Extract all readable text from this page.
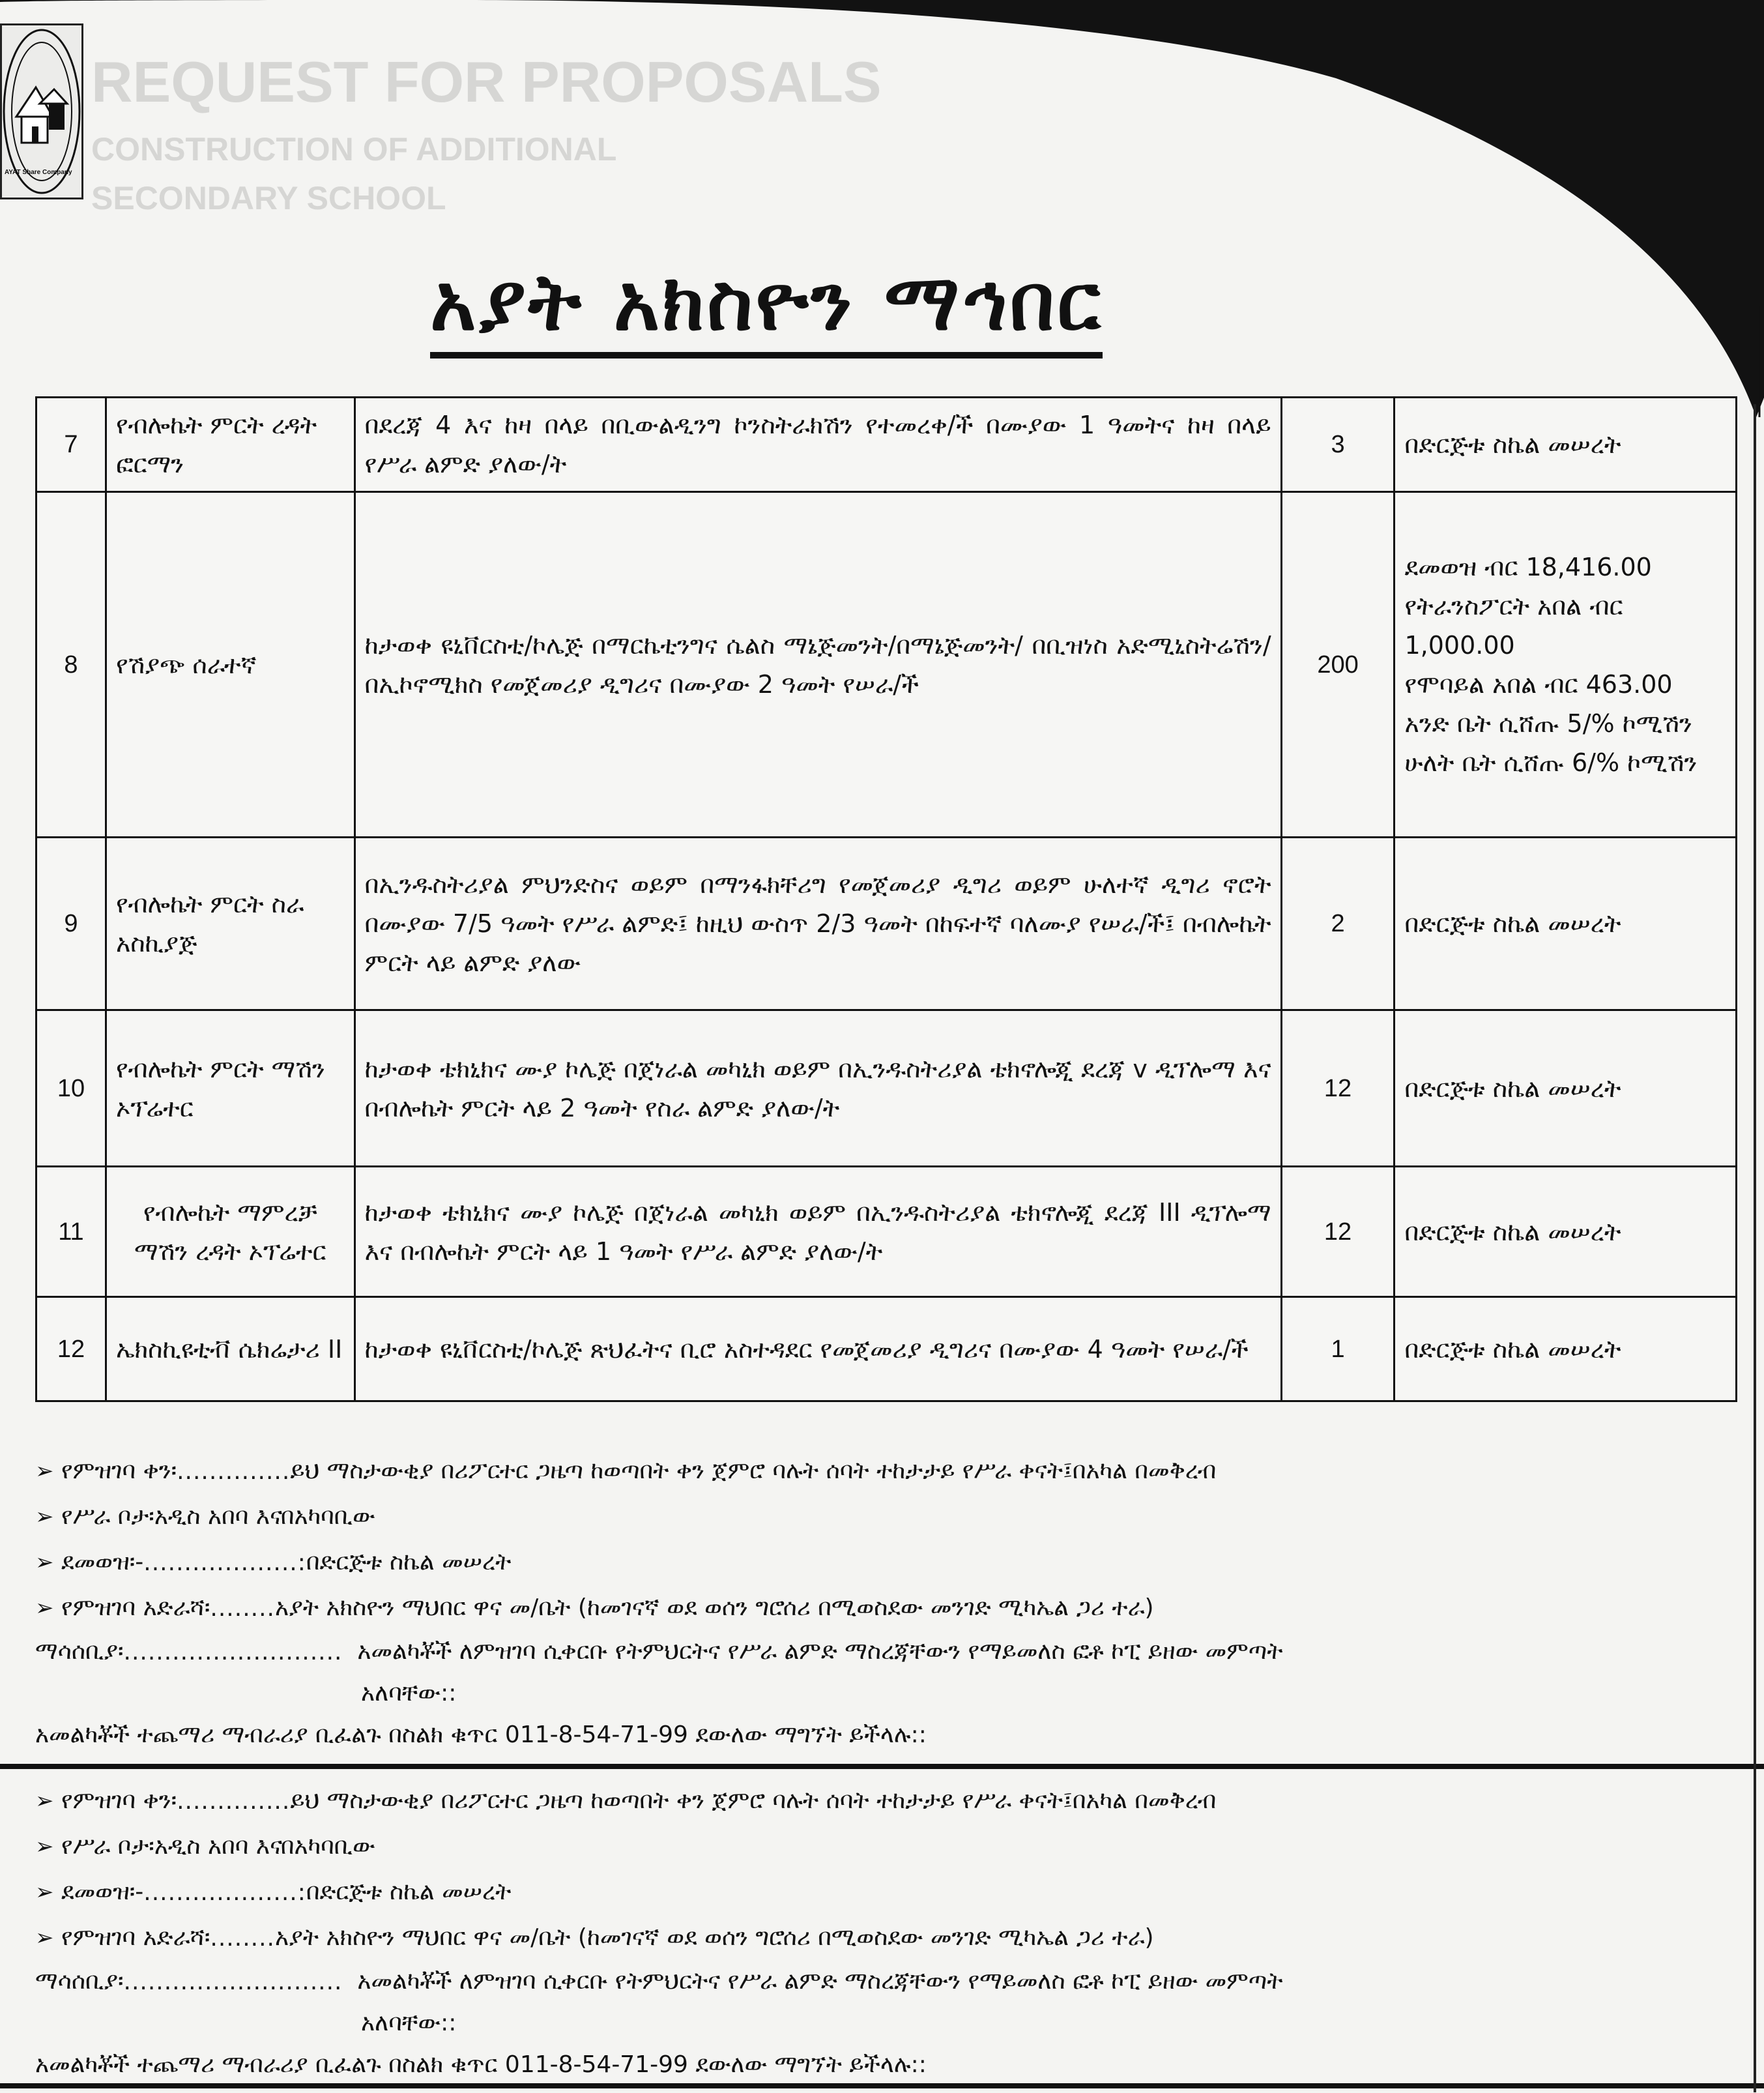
REQUEST FOR PROPOSALS
CONSTRUCTION OF ADDITIONAL
SECONDARY SCHOOL
AYAT Share Company
አያት አክስዮን ማኅበር
7	የብሎኬት ምርት ረዳት ፎርማን	በደረጃ 4 እና ከዛ በላይ በቢውልዲንግ ኮንስትራክሽን የተመረቀ/ች በሙያው 1 ዓመትና ከዛ በላይ የሥራ ልምድ ያለው/ት	3	በድርጅቱ ስኬል መሠረት

8	የሽያጭ ሰራተኛ	ከታወቀ ዩኒቨርስቲ/ኮሌጅ በማርኬቲንግና ሴልስ ማኔጅመንት/በማኔጅመንት/ በቢዝነስ አድሚኒስትሬሽን/ በኢኮኖሚክስ የመጀመሪያ ዲግሪና በሙያው 2 ዓመት የሠራ/ች	200	ደመወዝ ብር 18,416.00
የትራንስፖርት አበል ብር 1,000.00
የሞባይል አበል ብር 463.00
አንድ ቤት ሲሸጡ 5/% ኮሚሽን
ሁለት ቤት ሲሸጡ 6/% ኮሚሽን

9	የብሎኬት ምርት ስራ አስኪያጅ	በኢንዱስትሪያል ምህንድስና ወይም በማንፋክቸሪግ የመጀመሪያ ዲግሪ ወይም ሁለተኛ ዲግሪ ኖሮት በሙያው 7/5 ዓመት የሥራ ልምድ፤ ከዚህ ውስጥ 2/3 ዓመት በከፍተኛ ባለሙያ የሠራ/ች፤ በብሎኬት ምርት ላይ ልምድ ያለው	2	በድርጅቱ ስኬል መሠረት

10	የብሎኬት ምርት ማሽን ኦፕሬተር	ከታወቀ ቴክኒክና ሙያ ኮሌጅ በጀነራል መካኒክ ወይም በኢንዱስትሪያል ቴክኖሎጂ ደረጃ v ዲፕሎማ እና በብሎኬት ምርት ላይ 2 ዓመት የስራ ልምድ ያለው/ት	12	በድርጅቱ ስኬል መሠረት

11	የብሎኬት ማምረቻ ማሽን ረዳት ኦፕሬተር	ከታወቀ ቴክኒክና ሙያ ኮሌጅ በጀነራል መካኒክ ወይም በኢንዱስትሪያል ቴክኖሎጂ ደረጃ III ዲፕሎማ እና በብሎኬት ምርት ላይ 1 ዓመት የሥራ ልምድ ያለው/ት	12	በድርጅቱ ስኬል መሠረት

12	ኤክስኪዩቲቭ ሴክሬታሪ II	ከታወቀ ዩኒቨርስቲ/ኮሌጅ ጽህፈትና ቢሮ አስተዳደር የመጀመሪያ ዲግሪና በሙያው 4 ዓመት የሠራ/ች	1	በድርጅቱ ስኬል መሠረት
➢ የምዝገባ ቀን፡ .............. ይህ ማስታውቂያ በሪፖርተር ጋዜጣ ከወጣበት ቀን ጀምሮ ባሉት ሰባት ተከታታይ የሥራ ቀናት፤በአካል በመቅረብ
➢ የሥራ ቦታ፡ አዲስ አበባ እናበአካባቢው
➢ ደመወዝ፡- ...................: በድርጅቱ ስኬል መሠረት
➢ የምዝገባ አድራሻ፡ ........ አያት አክስዮን ማህበር ዋና መ/ቤት (ከመገናኛ ወደ ወሰን ግሮሰሪ በሚወስደው መንገድ ሚካኤል ጋሪ ተራ)
ማሳሰቢያ፡ ...........................
አመልካቾች ለምዝገባ ሲቀርቡ የትምህርትና የሥራ ልምድ ማስረጃቸውን የማይመለስ ፎቶ ኮፒ ይዘው መምጣት
አለባቸው::
አመልካቾች ተጨማሪ ማብራሪያ ቢፈልጉ በስልክ ቁጥር 011-8-54-71-99 ደውለው ማግኘት ይችላሉ::
➢ የምዝገባ ቀን፡ .............. ይህ ማስታውቂያ በሪፖርተር ጋዜጣ ከወጣበት ቀን ጀምሮ ባሉት ሰባት ተከታታይ የሥራ ቀናት፤በአካል በመቅረብ
➢ የሥራ ቦታ፡ አዲስ አበባ እናበአካባቢው
➢ ደመወዝ፡- ...................: በድርጅቱ ስኬል መሠረት
➢ የምዝገባ አድራሻ፡ ........ አያት አክስዮን ማህበር ዋና መ/ቤት (ከመገናኛ ወደ ወሰን ግሮሰሪ በሚወስደው መንገድ ሚካኤል ጋሪ ተራ)
ማሳሰቢያ፡ ...........................
አመልካቾች ለምዝገባ ሲቀርቡ የትምህርትና የሥራ ልምድ ማስረጃቸውን የማይመለስ ፎቶ ኮፒ ይዘው መምጣት
አለባቸው::
አመልካቾች ተጨማሪ ማብራሪያ ቢፈልጉ በስልክ ቁጥር 011-8-54-71-99 ደውለው ማግኘት ይችላሉ::
